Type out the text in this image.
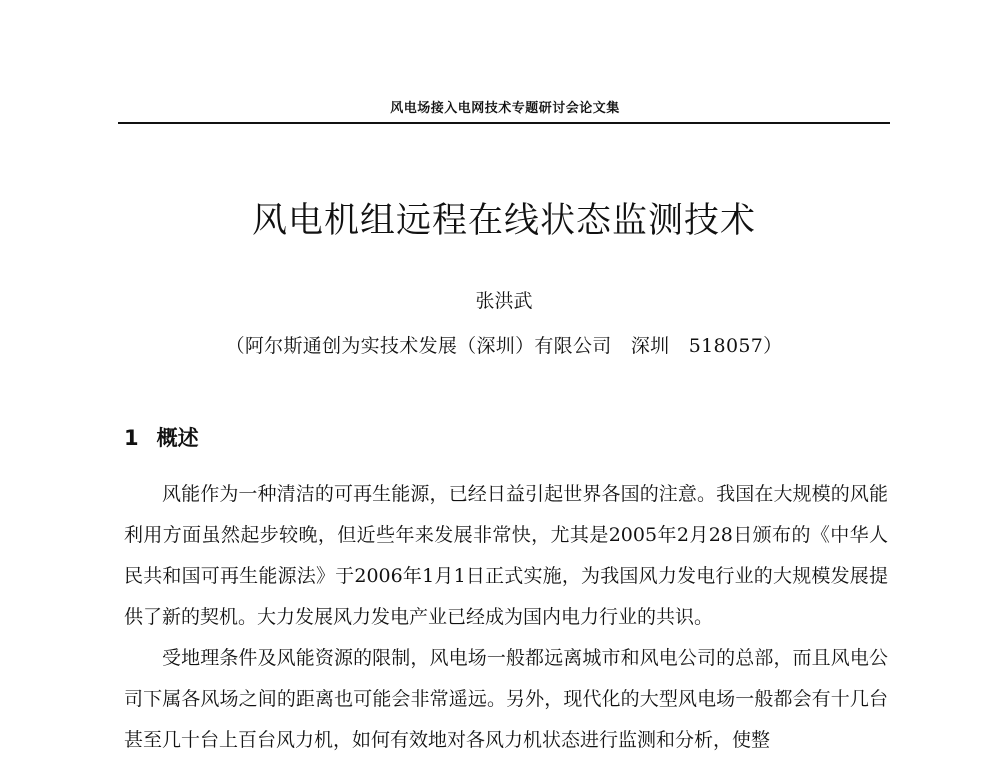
风电场接入电网技术专题研讨会论文集
风电机组远程在线状态监测技术
张洪武
（阿尔斯通创为实技术发展（深圳）有限公司　深圳　518057）
1 概述

风能作为一种清洁的可再生能源，已经日益引起世界各国的注意。我国在大规模的风能利用方面虽然起步较晚，但近些年来发展非常快，尤其是2005年2月28日颁布的《中华人民共和国可再生能源法》于2006年1月1日正式实施，为我国风力发电行业的大规模发展提供了新的契机。大力发展风力发电产业已经成为国内电力行业的共识。

受地理条件及风能资源的限制，风电场一般都远离城市和风电公司的总部，而且风电公司下属各风场之间的距离也可能会非常遥远。另外，现代化的大型风电场一般都会有十几台甚至几十台上百台风力机，如何有效地对各风力机状态进行监测和分析，使整
